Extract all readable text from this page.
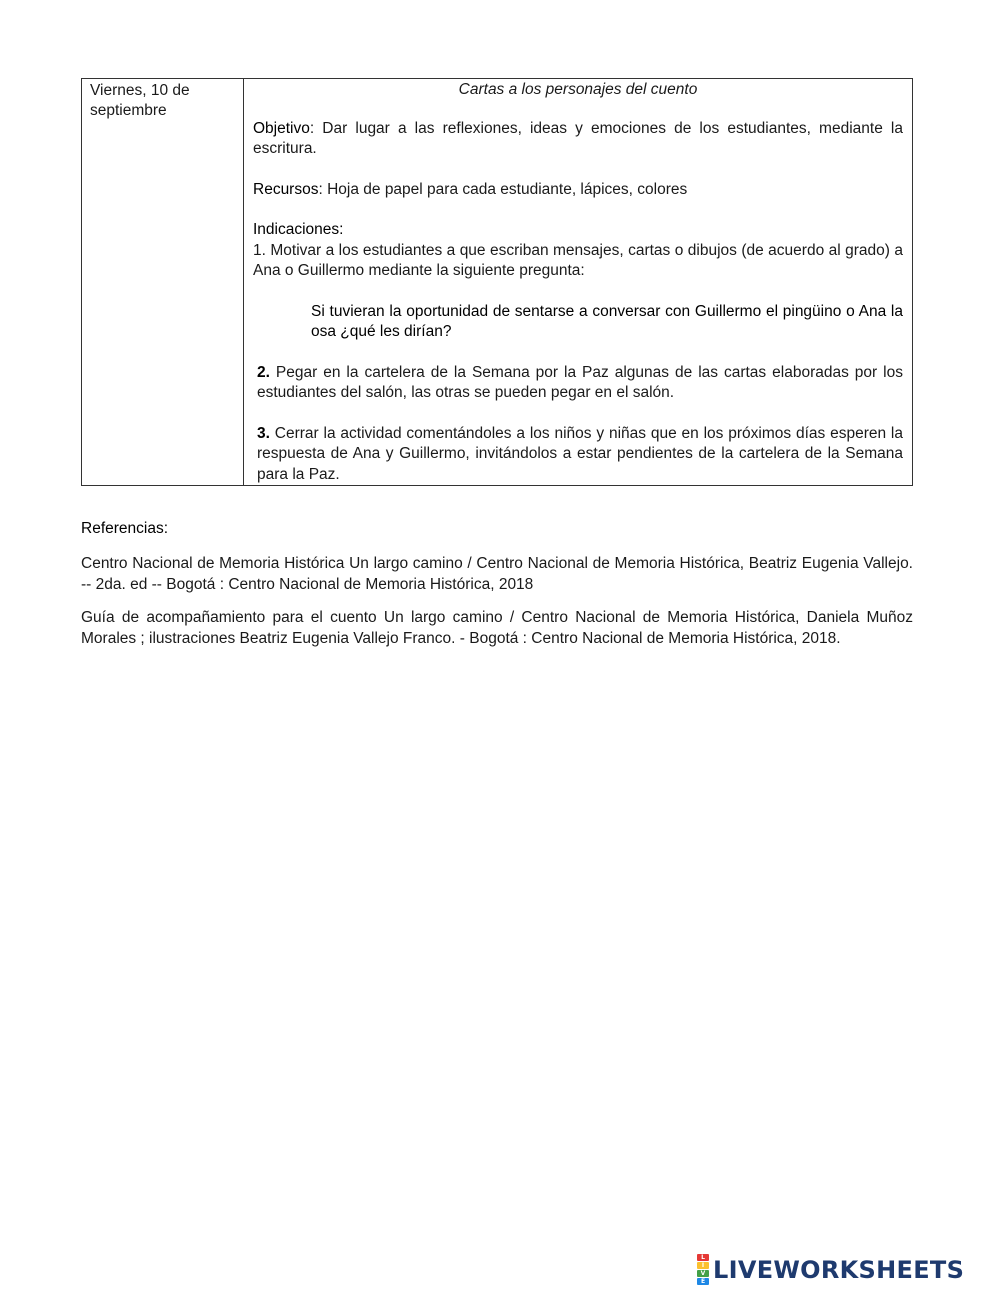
Viernes, 10 de septiembre
Cartas a los personajes del cuento

Objetivo: Dar lugar a las reflexiones, ideas y emociones de los estudiantes, mediante la escritura.

Recursos: Hoja de papel para cada estudiante, lápices, colores

Indicaciones:

1. Motivar a los estudiantes a que escriban mensajes, cartas o dibujos (de acuerdo al grado) a Ana o Guillermo mediante la siguiente pregunta:

Si tuvieran la oportunidad de sentarse a conversar con Guillermo el pingüino o Ana la osa ¿qué les dirían?

2. Pegar en la cartelera de la Semana por la Paz algunas de las cartas elaboradas por los estudiantes del salón, las otras se pueden pegar en el salón.

3. Cerrar la actividad comentándoles a los niños y niñas que en los próximos días esperen la respuesta de Ana y Guillermo, invitándolos a estar pendientes de la cartelera de la Semana para la Paz.

Referencias:

Centro Nacional de Memoria Histórica Un largo camino / Centro Nacional de Memoria Histórica, Beatriz Eugenia Vallejo. -- 2da. ed -- Bogotá : Centro Nacional de Memoria Histórica, 2018

Guía de acompañamiento para el cuento Un largo camino / Centro Nacional de Memoria Histórica, Daniela Muñoz Morales ; ilustraciones Beatriz Eugenia Vallejo Franco. - Bogotá : Centro Nacional de Memoria Histórica, 2018.

L
I
V
E LIVEWORKSHEETS
